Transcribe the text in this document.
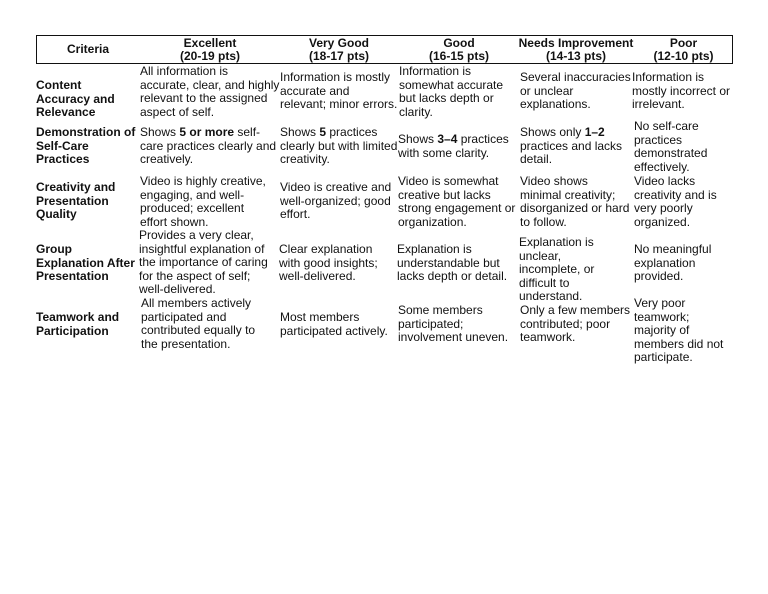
Criteria	Excellent
(20-19 pts)
Very Good
(18-17 pts)
Good
(16-15 pts)
Needs Improvement
(14-13 pts)
Poor
(12-10 pts)
Content Accuracy and Relevance
All information is accurate, clear, and highly relevant to the assigned aspect of self.
Information is mostly accurate and relevant; minor errors.
Information is somewhat accurate but lacks depth or clarity.
Several inaccuracies or unclear explanations.
Information is mostly incorrect or irrelevant.
Demonstration of Self-Care Practices
Shows 5 or more self-care practices clearly and creatively.
Shows 5 practices clearly but with limited creativity.
Shows 3–4 practices with some clarity.
Shows only 1–2 practices and lacks detail.
No self-care practices demonstrated effectively.
Creativity and Presentation Quality
Video is highly creative, engaging, and well-produced; excellent effort shown.
Video is creative and well-organized; good effort.
Video is somewhat creative but lacks strong engagement or organization.
Video shows minimal creativity; disorganized or hard to follow.
Video lacks creativity and is very poorly organized.
Group Explanation After Presentation
Provides a very clear, insightful explanation of the importance of caring for the aspect of self; well-delivered.
Clear explanation with good insights; well-delivered.
Explanation is understandable but lacks depth or detail.
Explanation is unclear, incomplete, or difficult to understand.
No meaningful explanation provided.
Teamwork and Participation
All members actively participated and contributed equally to the presentation.
Most members participated actively.
Some members participated; involvement uneven.
Only a few members contributed; poor teamwork.
Very poor teamwork; majority of members did not participate.
